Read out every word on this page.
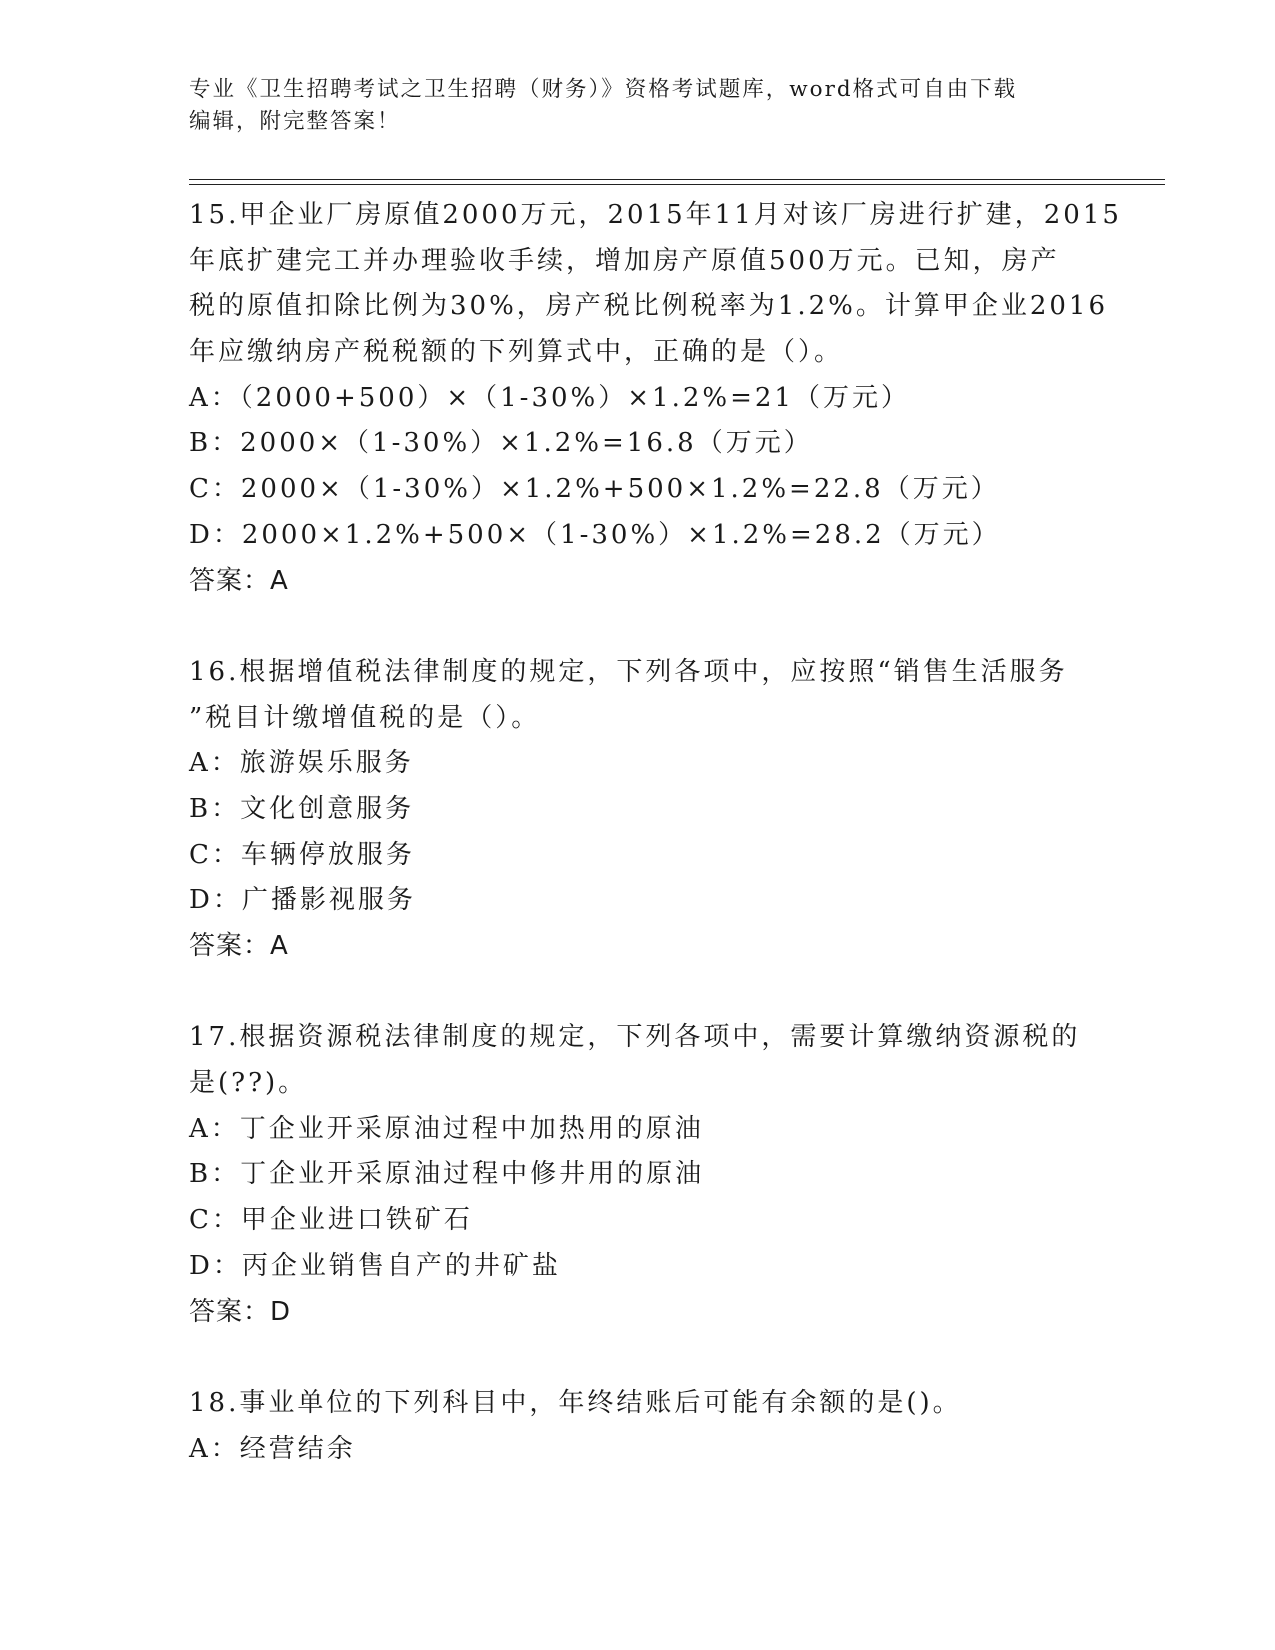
专业《卫生招聘考试之卫生招聘（财务）》资格考试题库，word格式可自由下载
编辑，附完整答案！
15.甲企业厂房原值2000万元，2015年11月对该厂房进行扩建，2015
年底扩建完工并办理验收手续，增加房产原值500万元。已知，房产
税的原值扣除比例为30%，房产税比例税率为1.2%。计算甲企业2016
年应缴纳房产税税额的下列算式中，正确的是（）。
A：（2000+500）×（1-30%）×1.2%=21（万元）
B：2000×（1-30%）×1.2%=16.8（万元）
C：2000×（1-30%）×1.2%+500×1.2%=22.8（万元）
D：2000×1.2%+500×（1-30%）×1.2%=28.2（万元）
答案：A
16.根据增值税法律制度的规定，下列各项中，应按照“销售生活服务
”税目计缴增值税的是（）。
A：旅游娱乐服务
B：文化创意服务
C：车辆停放服务
D：广播影视服务
答案：A
17.根据资源税法律制度的规定，下列各项中，需要计算缴纳资源税的
是(??)。
A：丁企业开采原油过程中加热用的原油
B：丁企业开采原油过程中修井用的原油
C：甲企业进口铁矿石
D：丙企业销售自产的井矿盐
答案：D
18.事业单位的下列科目中，年终结账后可能有余额的是()。
A：经营结余
